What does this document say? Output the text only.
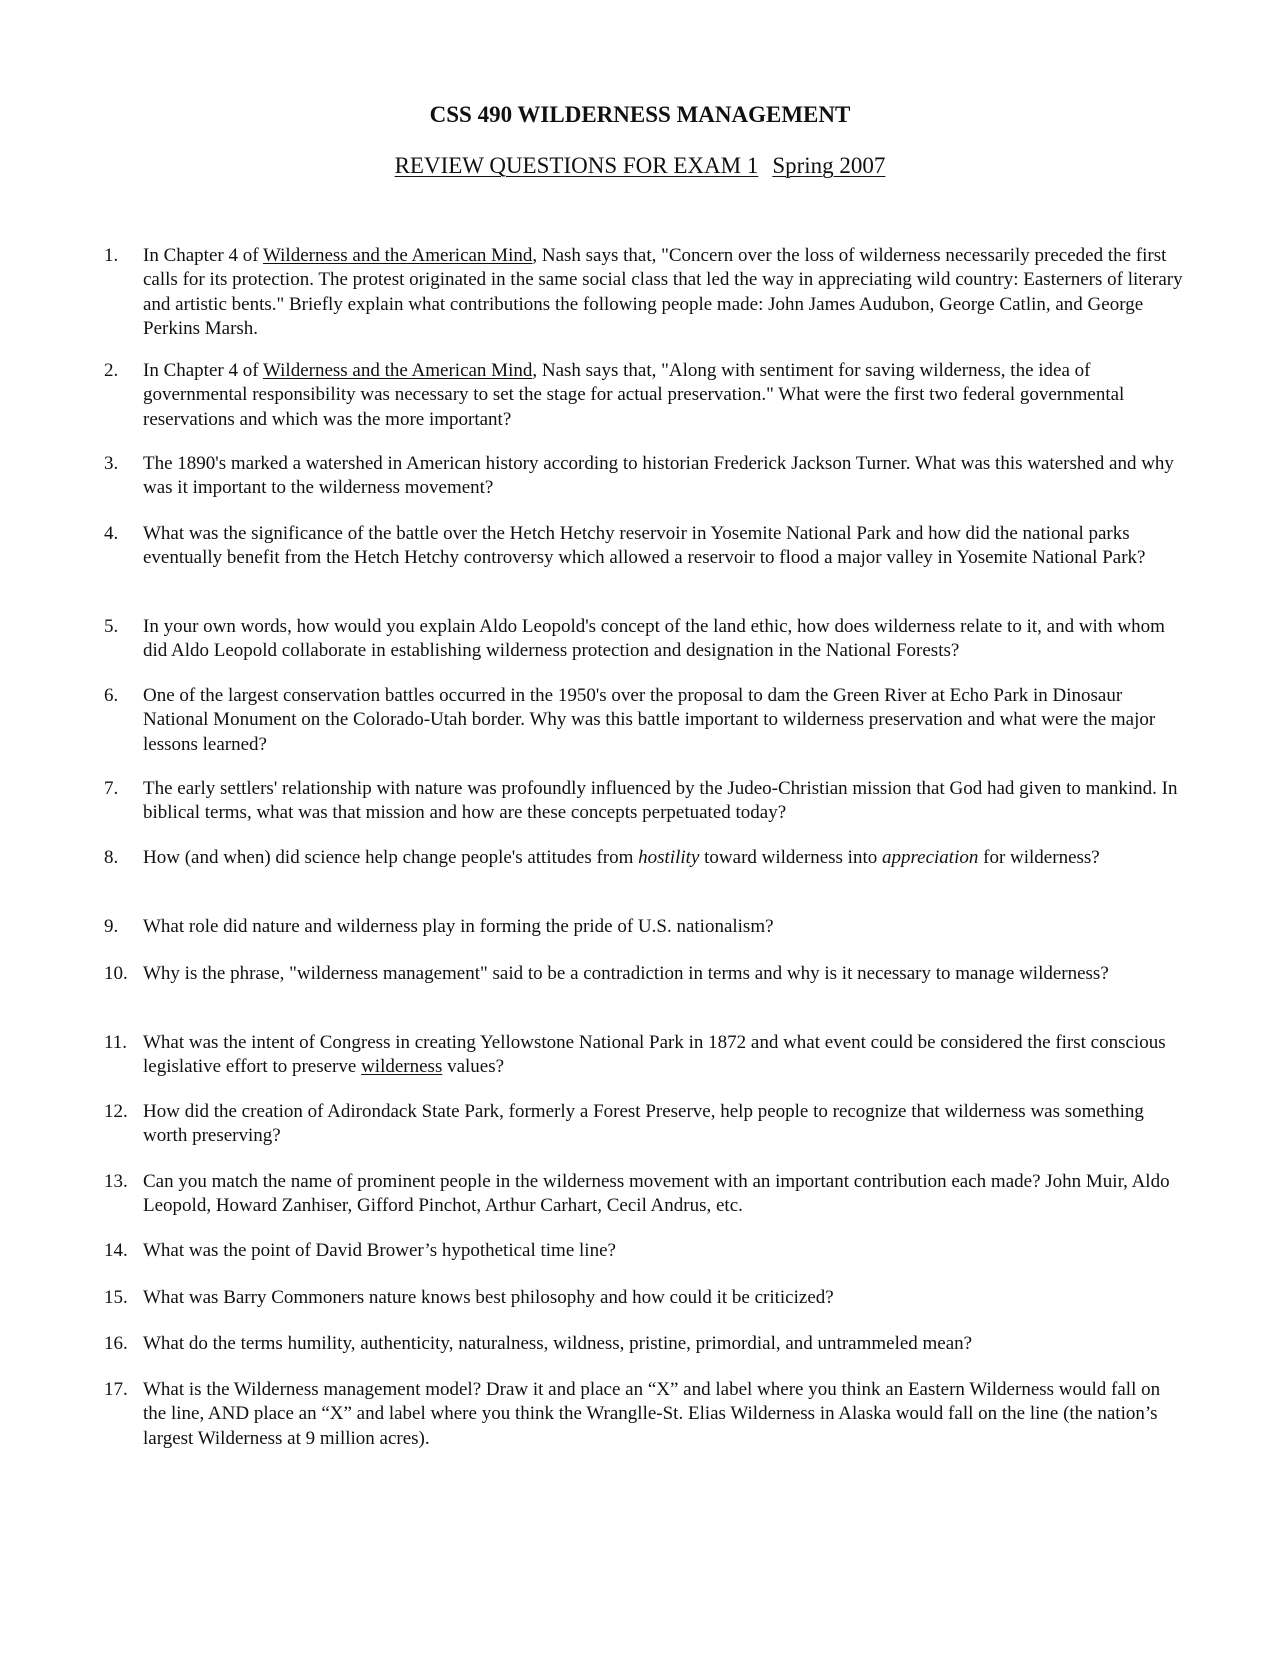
CSS 490 WILDERNESS MANAGEMENT
REVIEW QUESTIONS FOR EXAM 1 Spring 2007
1.	In Chapter 4 of Wilderness and the American Mind, Nash says that, "Concern over the loss of wilderness necessarily preceded the first calls for its protection. The protest originated in the same social class that led the way in appreciating wild country: Easterners of literary and artistic bents." Briefly explain what contributions the following people made: John James Audubon, George Catlin, and George Perkins Marsh.
2.	In Chapter 4 of Wilderness and the American Mind, Nash says that, "Along with sentiment for saving wilderness, the idea of governmental responsibility was necessary to set the stage for actual preservation." What were the first two federal governmental reservations and which was the more important?
3.	The 1890's marked a watershed in American history according to historian Frederick Jackson Turner. What was this watershed and why was it important to the wilderness movement?
4.	What was the significance of the battle over the Hetch Hetchy reservoir in Yosemite National Park and how did the national parks eventually benefit from the Hetch Hetchy controversy which allowed a reservoir to flood a major valley in Yosemite National Park?
5.	In your own words, how would you explain Aldo Leopold's concept of the land ethic, how does wilderness relate to it, and with whom did Aldo Leopold collaborate in establishing wilderness protection and designation in the National Forests?
6.	One of the largest conservation battles occurred in the 1950's over the proposal to dam the Green River at Echo Park in Dinosaur National Monument on the Colorado-Utah border. Why was this battle important to wilderness preservation and what were the major lessons learned?
7.	The early settlers' relationship with nature was profoundly influenced by the Judeo-Christian mission that God had given to mankind. In biblical terms, what was that mission and how are these concepts perpetuated today?
8.	How (and when) did science help change people's attitudes from hostility toward wilderness into appreciation for wilderness?
9.	What role did nature and wilderness play in forming the pride of U.S. nationalism?
10. Why is the phrase, "wilderness management" said to be a contradiction in terms and why is it necessary to manage wilderness?
11. What was the intent of Congress in creating Yellowstone National Park in 1872 and what event could be considered the first conscious legislative effort to preserve wilderness values?
12. How did the creation of Adirondack State Park, formerly a Forest Preserve, help people to recognize that wilderness was something worth preserving?
13. Can you match the name of prominent people in the wilderness movement with an important contribution each made? John Muir, Aldo Leopold, Howard Zanhiser, Gifford Pinchot, Arthur Carhart, Cecil Andrus, etc.
14. What was the point of David Brower’s hypothetical time line?
15. What was Barry Commoners nature knows best philosophy and how could it be criticized?
16. What do the terms humility, authenticity, naturalness, wildness, pristine, primordial, and untrammeled mean?
17. What is the Wilderness management model? Draw it and place an “X” and label where you think an Eastern Wilderness would fall on the line, AND place an “X” and label where you think the Wranglle-St. Elias Wilderness in Alaska would fall on the line (the nation’s largest Wilderness at 9 million acres).
